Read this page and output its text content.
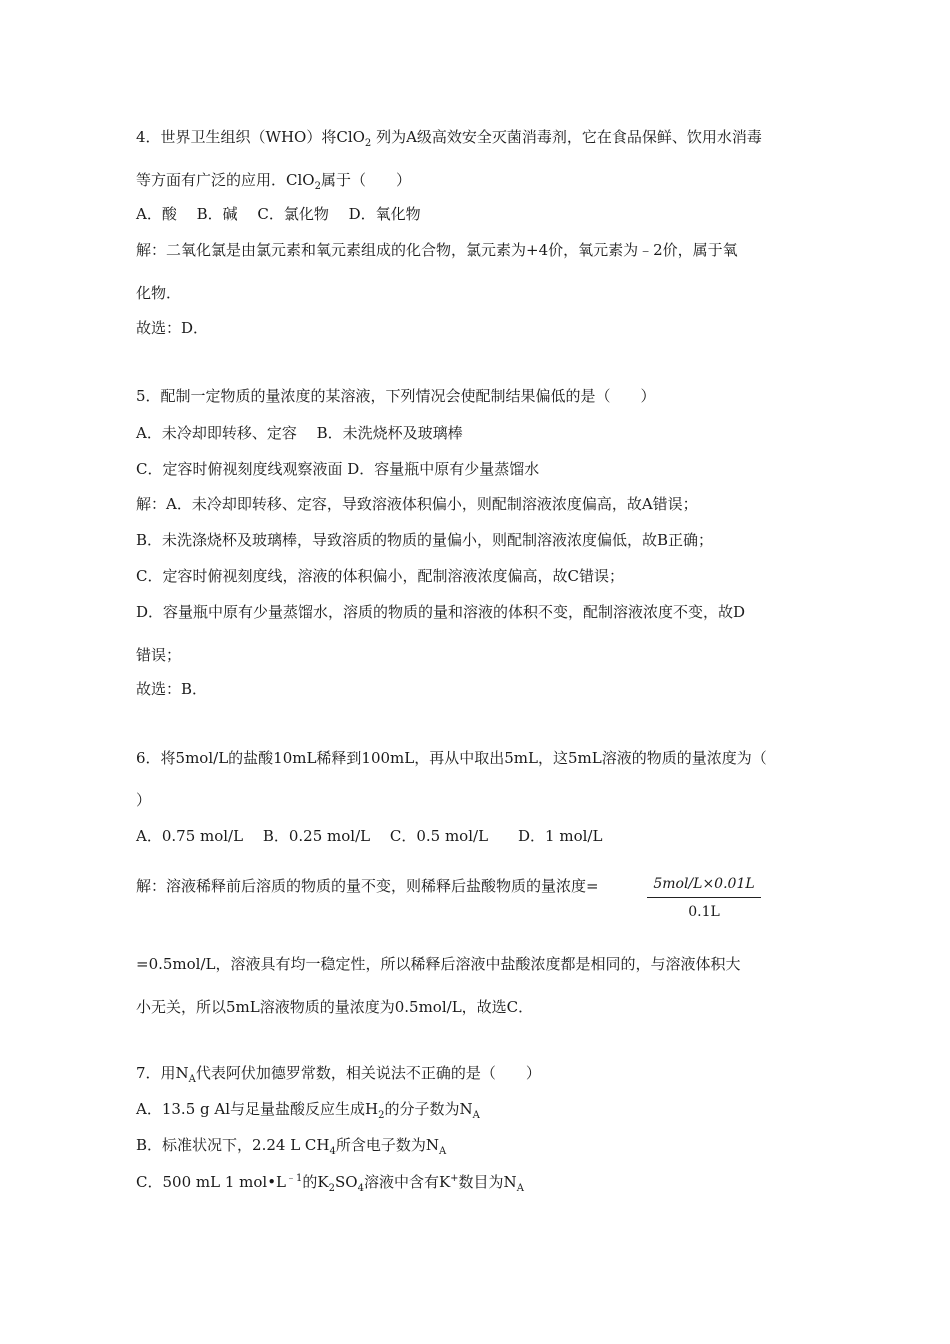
4．世界卫生组织（WHO）将ClO$_2$ 列为A级高效安全灭菌消毒剂，它在食品保鲜、饮用水消毒
等方面有广泛的应用．ClO$_2$属于（　　）
A．酸　 B．碱　 C．氯化物　 D．氧化物
解：二氧化氯是由氯元素和氧元素组成的化合物，氯元素为+4价，氧元素为﹣2价，属于氧
化物．
故选：D．
5．配制一定物质的量浓度的某溶液，下列情况会使配制结果偏低的是（　　）
A．未冷却即转移、定容　 B．未洗烧杯及玻璃棒
C．定容时俯视刻度线观察液面 D．容量瓶中原有少量蒸馏水
解：A．未冷却即转移、定容，导致溶液体积偏小，则配制溶液浓度偏高，故A错误；
B．未洗涤烧杯及玻璃棒，导致溶质的物质的量偏小，则配制溶液浓度偏低，故B正确；
C．定容时俯视刻度线，溶液的体积偏小，配制溶液浓度偏高，故C错误；
D．容量瓶中原有少量蒸馏水，溶质的物质的量和溶液的体积不变，配制溶液浓度不变，故D
错误；
故选：B．
6．将5mol/L的盐酸10mL稀释到100mL，再从中取出5mL，这5mL溶液的物质的量浓度为（
）
A．0.75 mol/L　 B．0.25 mol/L　 C．0.5 mol/L　　D．1 mol/L
解：溶液稀释前后溶质的物质的量不变，则稀释后盐酸物质的量浓度=	5mol/L×0.01L
0.1L
=0.5mol/L，溶液具有均一稳定性，所以稀释后溶液中盐酸浓度都是相同的，与溶液体积大
小无关，所以5mL溶液物质的量浓度为0.5mol/L，故选C．
7．用$N_A$代表阿伏加德罗常数，相关说法不正确的是（　　）
A．13.5 g Al与足量盐酸反应生成$H_2$的分子数为$N_A$
B．标准状况下，2.24 L $CH_4$所含电子数为$N_A$
C．500 mL 1 $mol•L^{﹣1}$的$K_2SO_4$溶液中含有K+数目为$N_A$
